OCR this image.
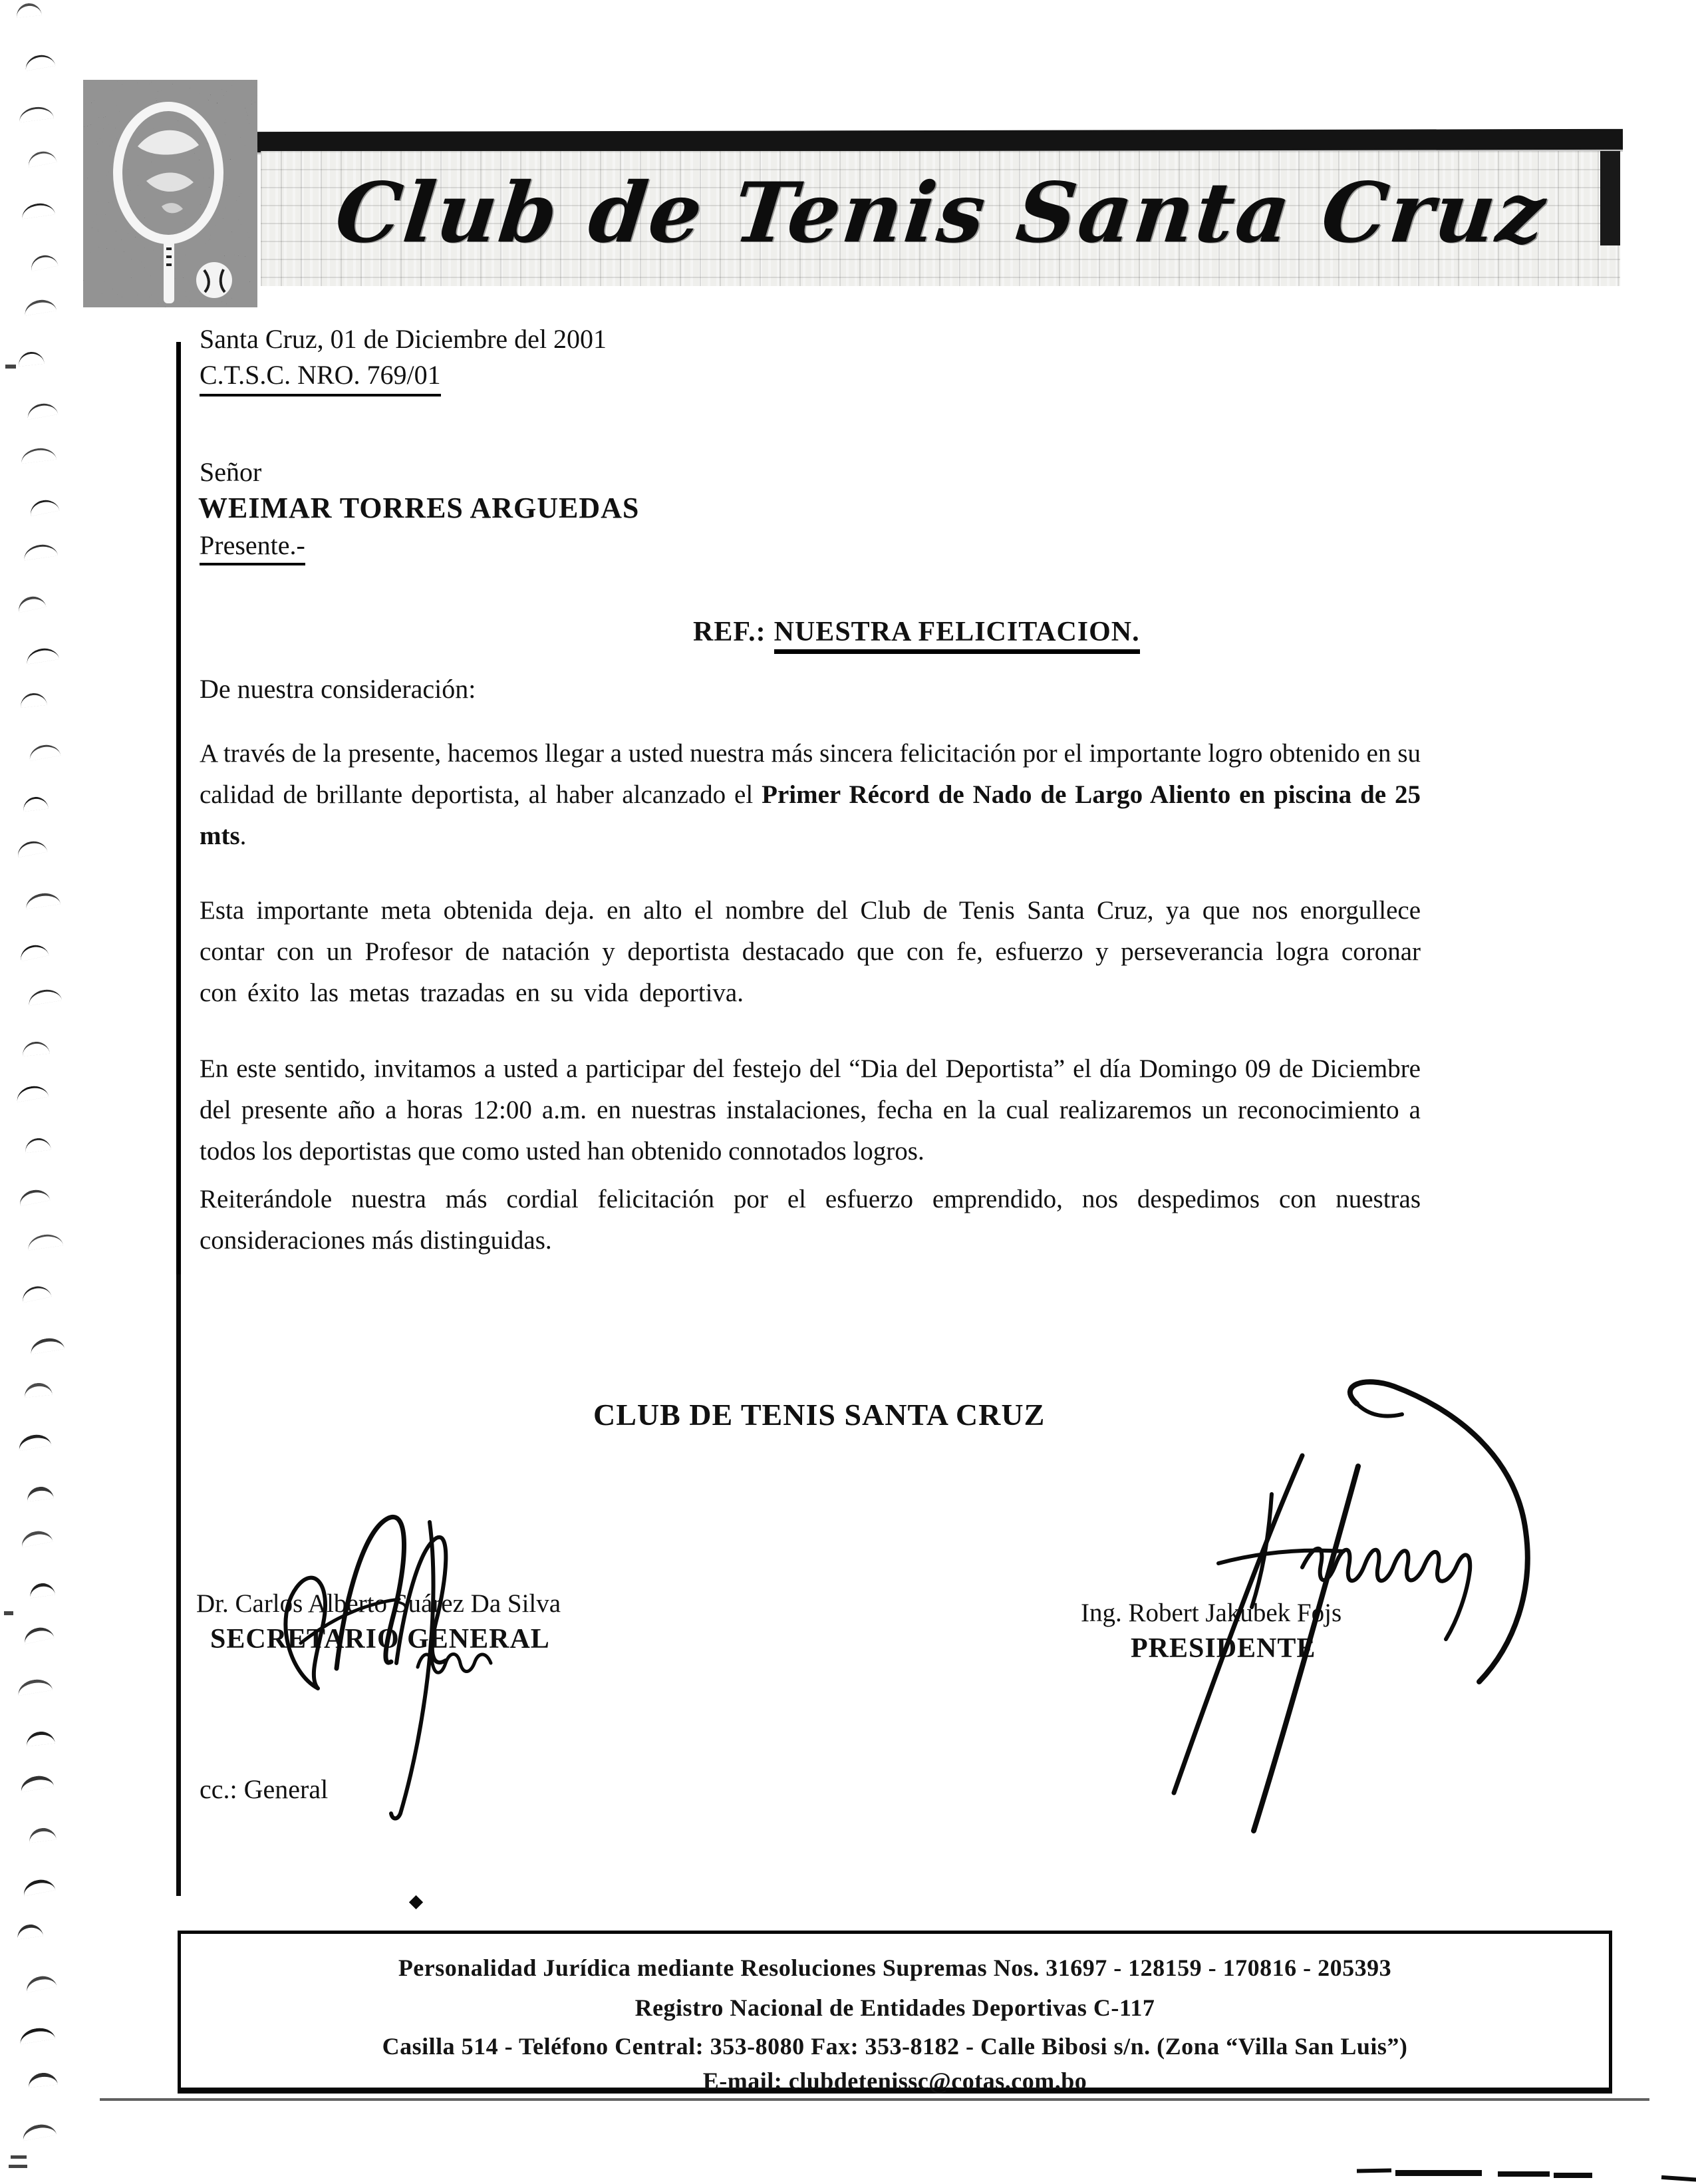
Club de Tenis Santa Cruz
Santa Cruz, 01 de Diciembre del 2001
C.T.S.C. NRO. 769/01
Señor
WEIMAR TORRES ARGUEDAS
Presente.-
REF.: NUESTRA FELICITACION.
De nuestra consideración:
A través de la presente, hacemos llegar a usted nuestra más sincera felicitación por el importante logro obtenido en su calidad de brillante deportista, al haber alcanzado el Primer Récord de Nado de Largo Aliento en piscina de 25 mts.
Esta importante meta obtenida deja. en alto el nombre del Club de Tenis Santa Cruz, ya que nos enorgullece contar con un Profesor de natación y deportista destacado que con fe, esfuerzo y perseverancia logra coronar con éxito las metas trazadas en su vida deportiva.
En este sentido, invitamos a usted a participar del festejo del “Dia del Deportista” el día Domingo 09 de Diciembre del presente año a horas 12:00 a.m. en nuestras instalaciones, fecha en la cual realizaremos un reconocimiento a todos los deportistas que como usted han obtenido connotados logros.
Reiterándole nuestra más cordial felicitación por el esfuerzo emprendido, nos despedimos con nuestras consideraciones más distinguidas.
CLUB DE TENIS SANTA CRUZ
Dr. Carlos Alberto Suárez Da Silva
SECRETARIO GENERAL
Ing. Robert Jakubek Fojs
PRESIDENTE
cc.: General
Personalidad Jurídica mediante Resoluciones Supremas Nos. 31697 - 128159 - 170816 - 205393
Registro Nacional de Entidades Deportivas C-117
Casilla 514 - Teléfono Central: 353-8080 Fax: 353-8182 - Calle Bibosi s/n. (Zona “Villa San Luis”)
E-mail: clubdetenissc@cotas.com.bo
